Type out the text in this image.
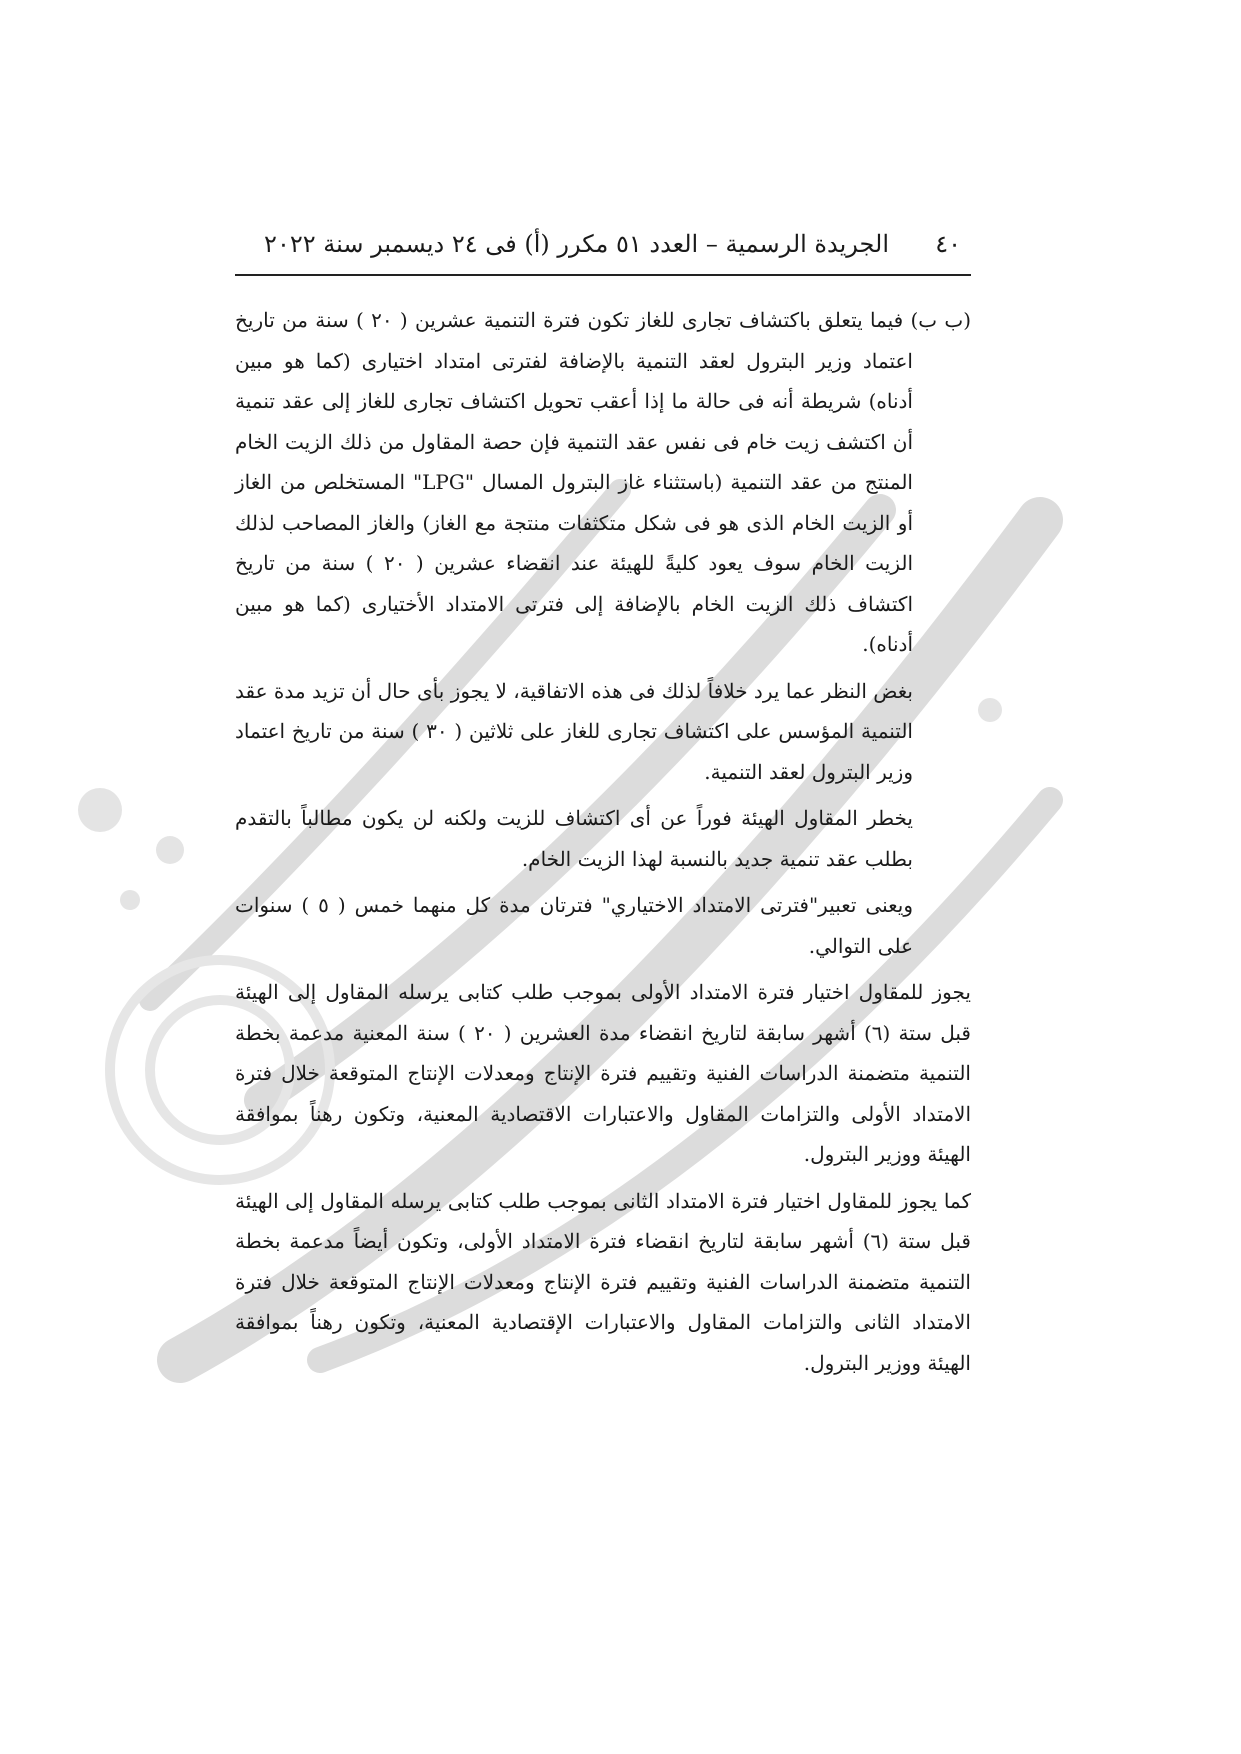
٤٠
الجريدة الرسمية – العدد ٥١ مكرر (أ) فى ٢٤ ديسمبر سنة ٢٠٢٢

(ب ب) فيما يتعلق باكتشاف تجارى للغاز تكون فترة التنمية عشرين ( ٢٠ ) سنة من تاريخ اعتماد وزير البترول لعقد التنمية بالإضافة لفترتى امتداد اختيارى (كما هو مبين أدناه) شريطة أنه فى حالة ما إذا أعقب تحويل اكتشاف تجارى للغاز إلى عقد تنمية أن اكتشف زيت خام فى نفس عقد التنمية فإن حصة المقاول من ذلك الزيت الخام المنتج من عقد التنمية (باستثناء غاز البترول المسال "LPG" المستخلص من الغاز أو الزيت الخام الذى هو فى شكل متكثفات منتجة مع الغاز) والغاز المصاحب لذلك الزيت الخام سوف يعود كليةً للهيئة عند انقضاء عشرين ( ٢٠ ) سنة من تاريخ اكتشاف ذلك الزيت الخام بالإضافة إلى فترتى الامتداد الأختيارى (كما هو مبين أدناه).

بغض النظر عما يرد خلافاً لذلك فى هذه الاتفاقية، لا يجوز بأى حال أن تزيد مدة عقد التنمية المؤسس على اكتشاف تجارى للغاز على ثلاثين ( ٣٠ ) سنة من تاريخ اعتماد وزير البترول لعقد التنمية.

يخطر المقاول الهيئة فوراً عن أى اكتشاف للزيت ولكنه لن يكون مطالباً بالتقدم بطلب عقد تنمية جديد بالنسبة لهذا الزيت الخام.

ويعنى تعبير"فترتى الامتداد الاختياري" فترتان مدة كل منهما خمس ( ٥ ) سنوات على التوالي.

يجوز للمقاول اختيار فترة الامتداد الأولى بموجب طلب كتابى يرسله المقاول إلى الهيئة قبل ستة (٦) أشهر سابقة لتاريخ انقضاء مدة العشرين ( ٢٠ ) سنة المعنية مدعمة بخطة التنمية متضمنة الدراسات الفنية وتقييم فترة الإنتاج ومعدلات الإنتاج المتوقعة خلال فترة الامتداد الأولى والتزامات المقاول والاعتبارات الاقتصادية المعنية، وتكون رهناً بموافقة الهيئة ووزير البترول.

كما يجوز للمقاول اختيار فترة الامتداد الثانى بموجب طلب كتابى يرسله المقاول إلى الهيئة قبل ستة (٦) أشهر سابقة لتاريخ انقضاء فترة الامتداد الأولى، وتكون أيضاً مدعمة بخطة التنمية متضمنة الدراسات الفنية وتقييم فترة الإنتاج ومعدلات الإنتاج المتوقعة خلال فترة الامتداد الثانى والتزامات المقاول والاعتبارات الإقتصادية المعنية، وتكون رهناً بموافقة الهيئة ووزير البترول.
